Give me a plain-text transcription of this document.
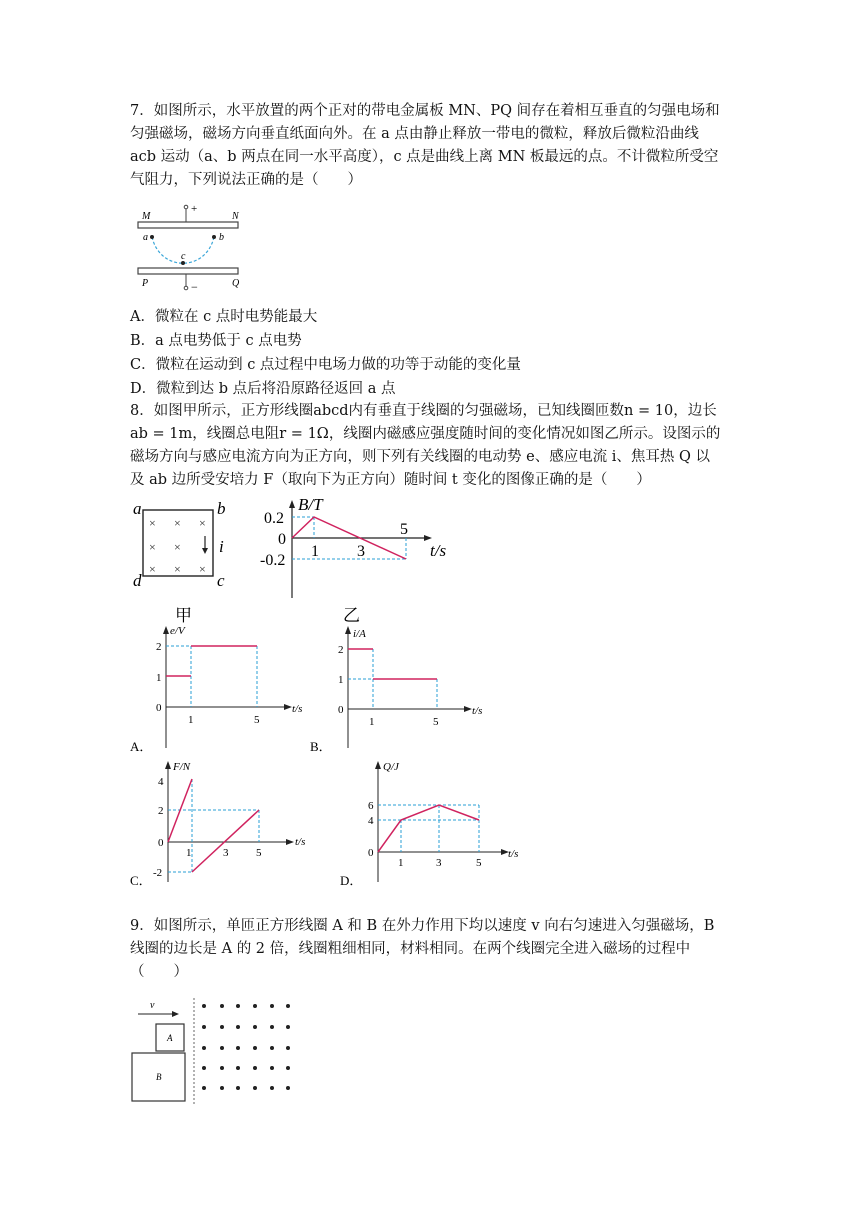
7．如图所示，水平放置的两个正对的带电金属板 MN、PQ 间存在着相互垂直的匀强电场和
匀强磁场，磁场方向垂直纸面向外。在 a 点由静止释放一带电的微粒，释放后微粒沿曲线
acb 运动（a、b 两点在同一水平高度），c 点是曲线上离 MN 板最远的点。不计微粒所受空
气阻力，下列说法正确的是（　　）
+
M	N
−
P	Q
a	b
c
A．微粒在 c 点时电势能最大
B．a 点电势低于 c 点电势
C．微粒在运动到 c 点过程中电场力做的功等于动能的变化量
D．微粒到达 b 点后将沿原路径返回 a 点
8．如图甲所示，正方形线圈abcd内有垂直于线圈的匀强磁场，已知线圈匝数n = 10，边长
ab = 1m，线圈总电阻r = 1Ω，线圈内磁感应强度随时间的变化情况如图乙所示。设图示的
磁场方向与感应电流方向为正方向，则下列有关线圈的电动势 e、感应电流 i、焦耳热 Q 以
及 ab 边所受安培力 F（取向下为正方向）随时间 t 变化的图像正确的是（　　）
× × ×
× ×
× × ×
a	b
d	c
i
甲
B/T
t/s
0.2
0
-0.2
1 3
5
乙
e/V
t/s
2
1
0
1	5
A．
i/A
t/s
2
1
0
1	5
B．
F/N
t/s
4
2
0
-2
1	3	5
C．
Q/J
t/s
6
4
0
1	3	5
D．
9．如图所示，单匝正方形线圈 A 和 B 在外力作用下均以速度 v 向右匀速进入匀强磁场，B
线圈的边长是 A 的 2 倍，线圈粗细相同，材料相同。在两个线圈完全进入磁场的过程中
（　　）
v
A
B
